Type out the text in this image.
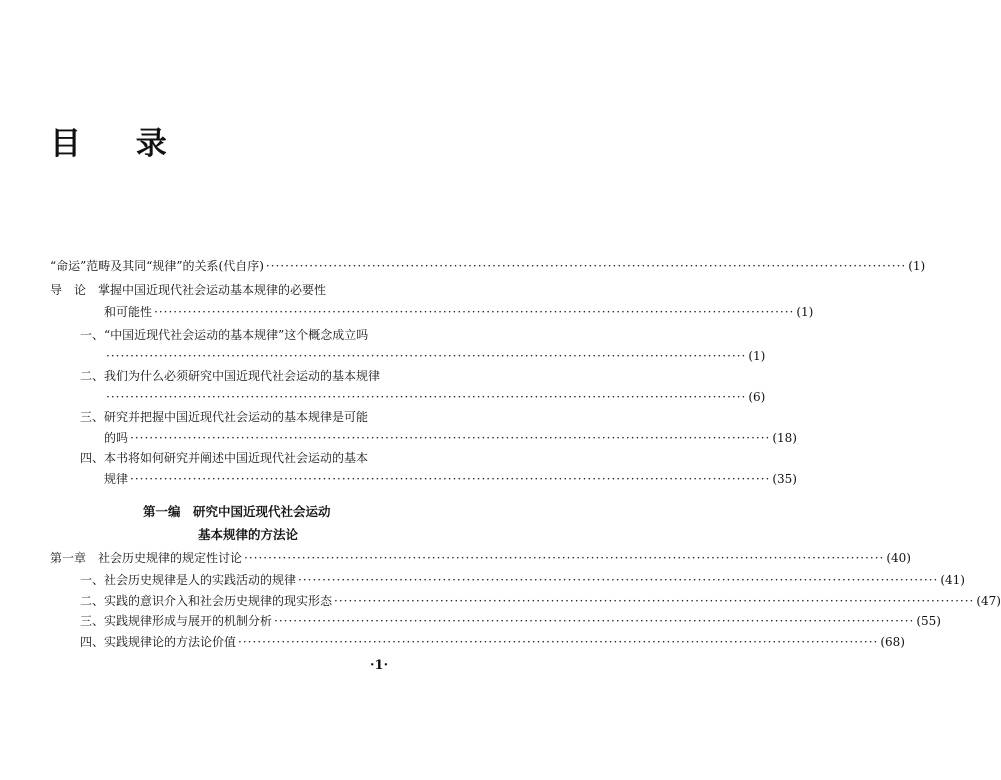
目 录
“命运”范畴及其同“规律”的关系(代自序) ····································································································································· (1)
导　论　掌握中国近现代社会运动基本规律的必要性
和可能性 ····································································································································· (1)
一、“中国近现代社会运动的基本规律”这个概念成立吗
····································································································································· (1)
二、我们为什么必须研究中国近现代社会运动的基本规律
····································································································································· (6)
三、研究并把握中国近现代社会运动的基本规律是可能
的吗 ····································································································································· (18)
四、本书将如何研究并阐述中国近现代社会运动的基本
规律 ····································································································································· (35)
第一编　研究中国近现代社会运动
基本规律的方法论
第一章　社会历史规律的规定性讨论 ····································································································································· (40)
一、社会历史规律是人的实践活动的规律 ····································································································································· (41)
二、实践的意识介入和社会历史规律的现实形态 ····································································································································· (47)
三、实践规律形成与展开的机制分析 ····································································································································· (55)
四、实践规律论的方法论价值 ····································································································································· (68)
·1·
